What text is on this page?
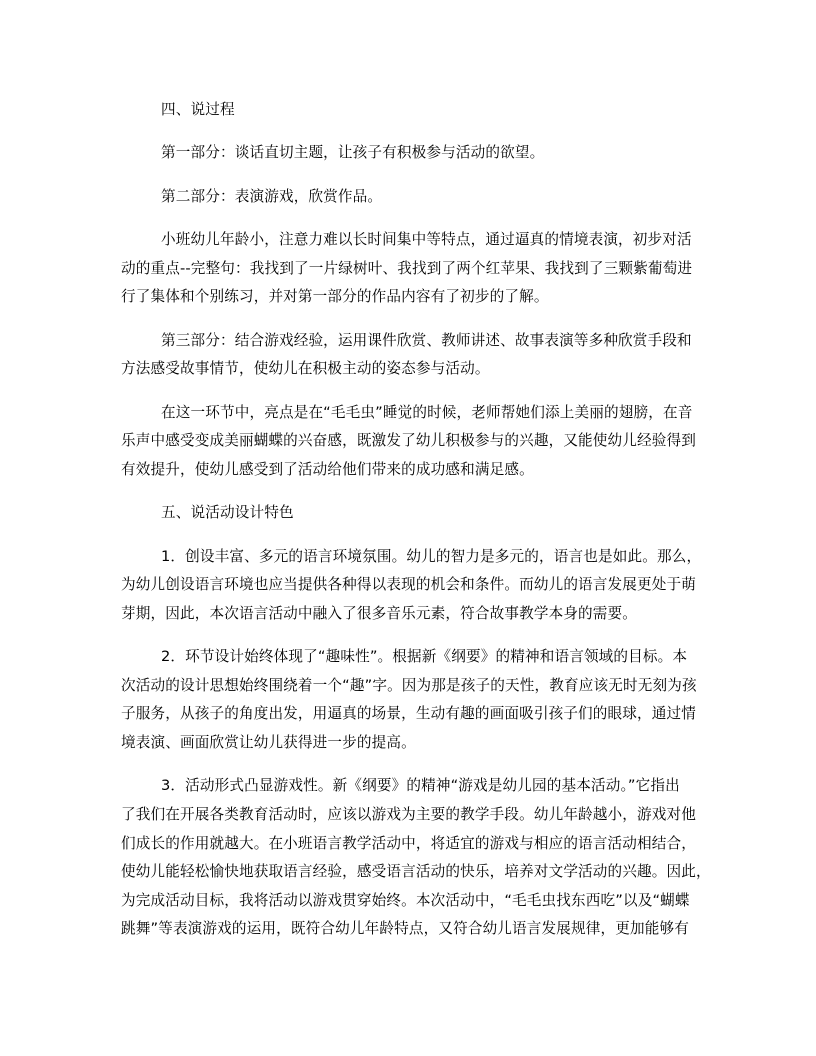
四、说过程
第一部分：谈话直切主题，让孩子有积极参与活动的欲望。
第二部分：表演游戏，欣赏作品。
小班幼儿年龄小，注意力难以长时间集中等特点，通过逼真的情境表演，初步对活
动的重点--完整句：我找到了一片绿树叶、我找到了两个红苹果、我找到了三颗紫葡萄进
行了集体和个别练习，并对第一部分的作品内容有了初步的了解。
第三部分：结合游戏经验，运用课件欣赏、教师讲述、故事表演等多种欣赏手段和
方法感受故事情节，使幼儿在积极主动的姿态参与活动。
在这一环节中，亮点是在“毛毛虫”睡觉的时候，老师帮她们添上美丽的翅膀，在音
乐声中感受变成美丽蝴蝶的兴奋感，既激发了幼儿积极参与的兴趣，又能使幼儿经验得到
有效提升，使幼儿感受到了活动给他们带来的成功感和满足感。
五、说活动设计特色
1．创设丰富、多元的语言环境氛围。幼儿的智力是多元的，语言也是如此。那么，
为幼儿创设语言环境也应当提供各种得以表现的机会和条件。而幼儿的语言发展更处于萌
芽期，因此，本次语言活动中融入了很多音乐元素，符合故事教学本身的需要。
2．环节设计始终体现了“趣味性”。根据新《纲要》的精神和语言领域的目标。本
次活动的设计思想始终围绕着一个“趣”字。因为那是孩子的天性，教育应该无时无刻为孩
子服务，从孩子的角度出发，用逼真的场景，生动有趣的画面吸引孩子们的眼球，通过情
境表演、画面欣赏让幼儿获得进一步的提高。
3．活动形式凸显游戏性。新《纲要》的精神“游戏是幼儿园的基本活动。”它指出
了我们在开展各类教育活动时，应该以游戏为主要的教学手段。幼儿年龄越小，游戏对他
们成长的作用就越大。在小班语言教学活动中，将适宜的游戏与相应的语言活动相结合，
使幼儿能轻松愉快地获取语言经验，感受语言活动的快乐，培养对文学活动的兴趣。因此，
为完成活动目标，我将活动以游戏贯穿始终。本次活动中，“毛毛虫找东西吃”以及“蝴蝶
跳舞”等表演游戏的运用，既符合幼儿年龄特点，又符合幼儿语言发展规律，更加能够有
